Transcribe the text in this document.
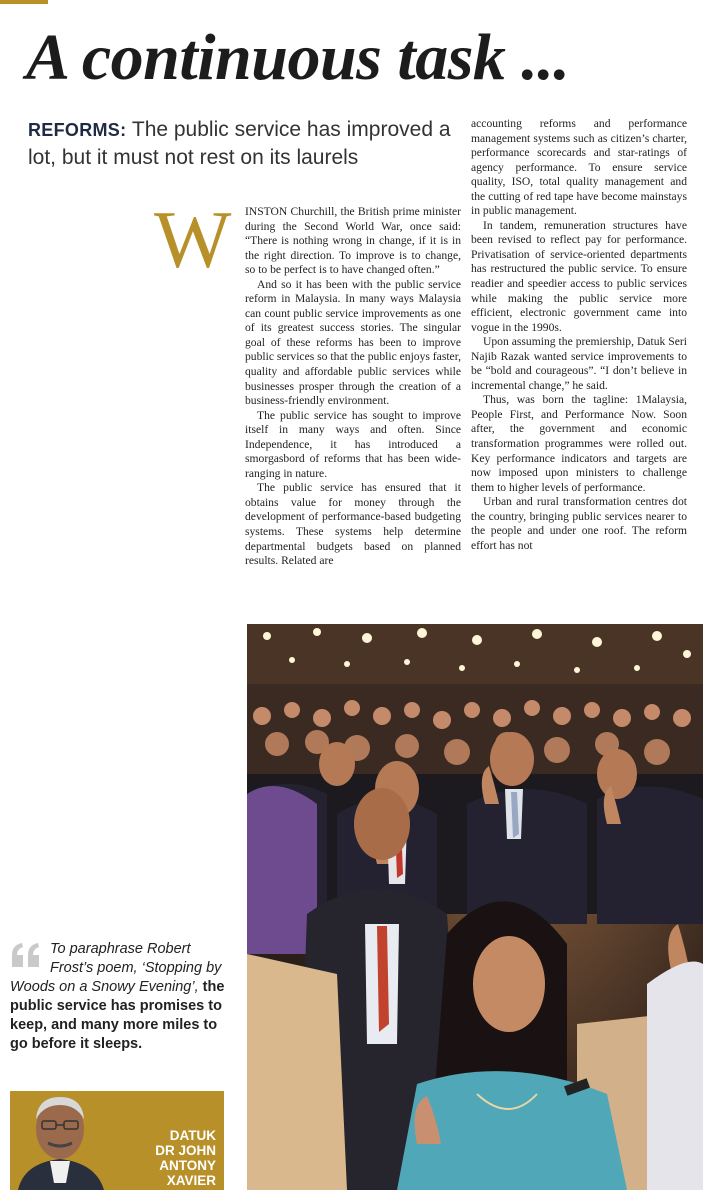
A continuous task ...
REFORMS: The public service has improved a lot, but it must not rest on its laurels

W INSTON Churchill, the British prime minister during the Second World War, once said: “There is nothing wrong in change, if it is in the right direction. To improve is to change, so to be perfect is to have changed often.”

And so it has been with the public service reform in Malaysia. In many ways Malaysia can count public service improvements as one of its greatest success stories. The singular goal of these reforms has been to improve public services so that the public enjoys faster, quality and affordable public services while businesses prosper through the creation of a business-friendly environment.

The public service has sought to improve itself in many ways and often. Since Independence, it has introduced a smorgasbord of reforms that has been wide-ranging in nature.

The public service has ensured that it obtains value for money through the development of performance-based budgeting systems. These systems help determine departmental budgets based on planned results. Related are

accounting reforms and performance management systems such as citizen’s charter, performance scorecards and star-ratings of agency performance. To ensure service quality, ISO, total quality management and the cutting of red tape have become mainstays in public management.

In tandem, remuneration structures have been revised to reflect pay for performance. Privatisation of service-oriented departments has restructured the public service. To ensure readier and speedier access to public services while making the public service more efficient, electronic government came into vogue in the 1990s.

Upon assuming the premiership, Datuk Seri Najib Razak wanted service improvements to be “bold and courageous”. “I don’t believe in incremental change,” he said.

Thus, was born the tagline: 1Malaysia, People First, and Performance Now. Soon after, the government and economic transformation programmes were rolled out. Key performance indicators and targets are now imposed upon ministers to challenge them to higher levels of performance.

Urban and rural transformation centres dot the country, bringing public services nearer to the people and under one roof. The reform effort has not

To paraphrase Robert Frost’s poem, ‘Stopping by Woods on a Snowy Evening’, the public service has promises to keep, and many more miles to go before it sleeps.
DATUK
DR JOHN
ANTONY
XAVIER
